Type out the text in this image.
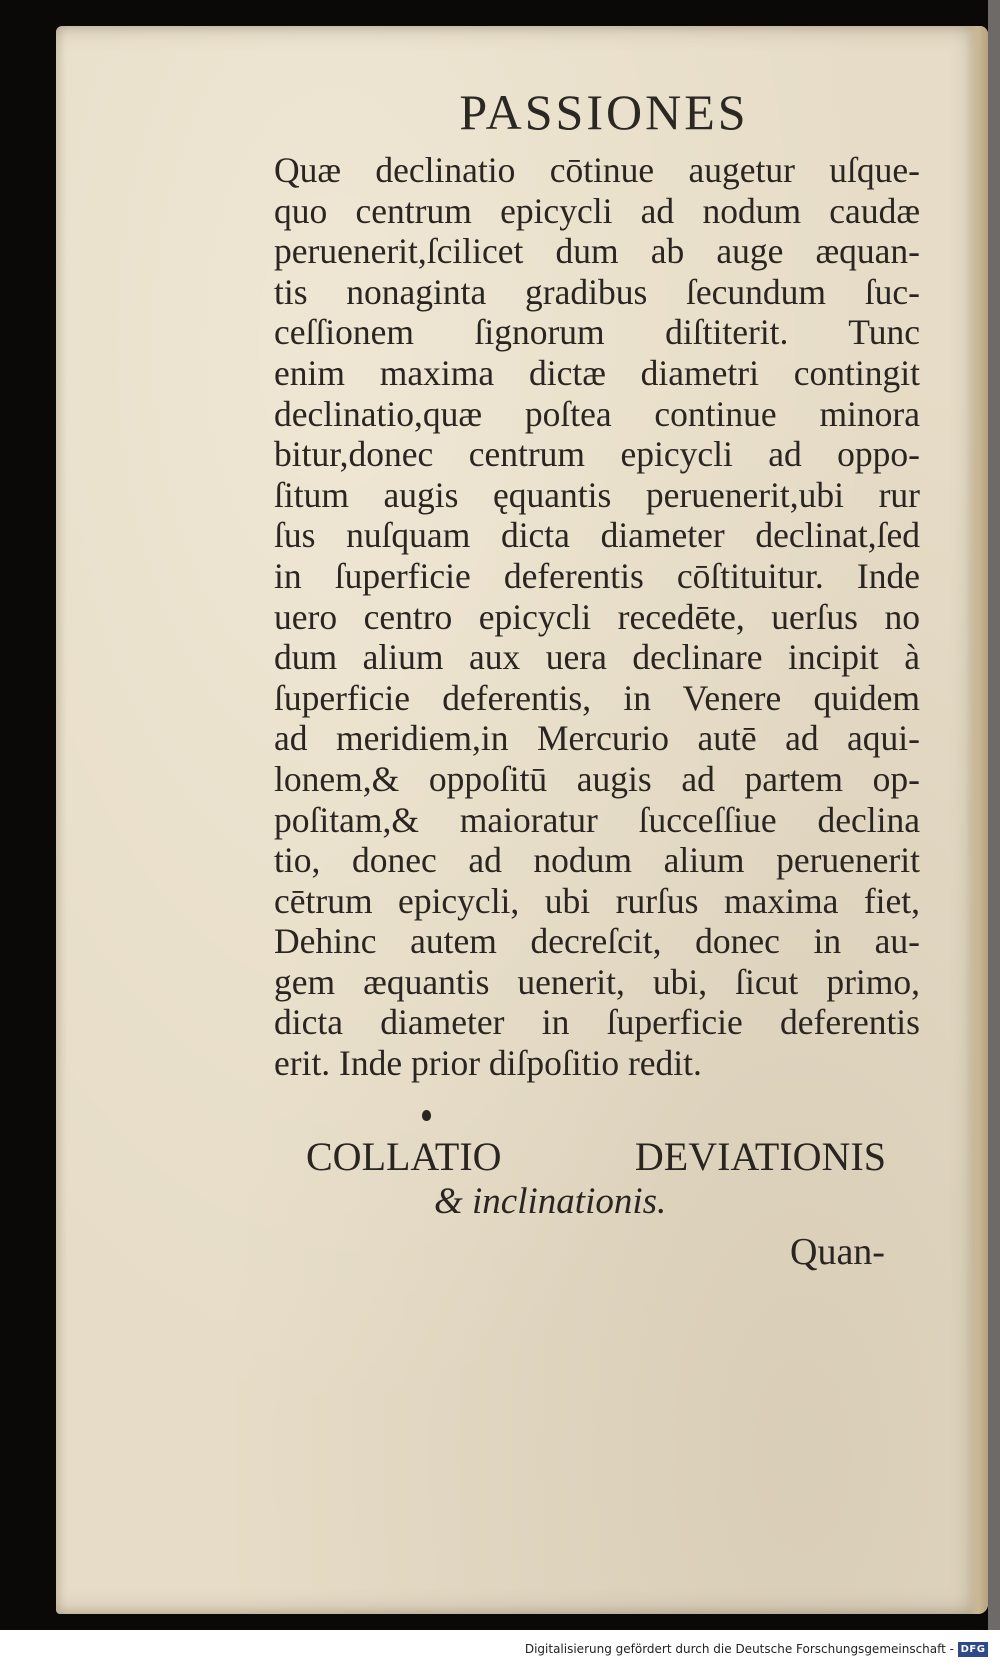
PASSIONES
Quæ declinatio cōtinue augetur uſque-
quo centrum epicycli ad nodum caudæ
peruenerit,ſcilicet dum ab auge æquan-
tis nonaginta gradibus ſecundum ſuc-
ceſſionem ſignorum diſtiterit. Tunc
enim maxima dictæ diametri contingit
declinatio,quæ poſtea continue minora
bitur,donec centrum epicycli ad oppo-
ſitum augis ęquantis peruenerit,ubi rur
ſus nuſquam dicta diameter declinat,ſed
in ſuperficie deferentis cōſtituitur. Inde
uero centro epicycli recedēte, uerſus no
dum alium aux uera declinare incipit à
ſuperficie deferentis, in Venere quidem
ad meridiem,in Mercurio autē ad aqui-
lonem,& oppoſitū augis ad partem op-
poſitam,& maioratur ſucceſſiue declina
tio, donec ad nodum alium peruenerit
cētrum epicycli, ubi rurſus maxima fiet,
Dehinc autem decreſcit, donec in au-
gem æquantis uenerit, ubi, ſicut primo,
dicta diameter in ſuperficie deferentis
erit. Inde prior diſpoſitio redit.
COLLATIO DEVIATIONIS
& inclinationis.
Quan-
Digitalisierung gefördert durch die Deutsche Forschungsgemeinschaft - DFG
